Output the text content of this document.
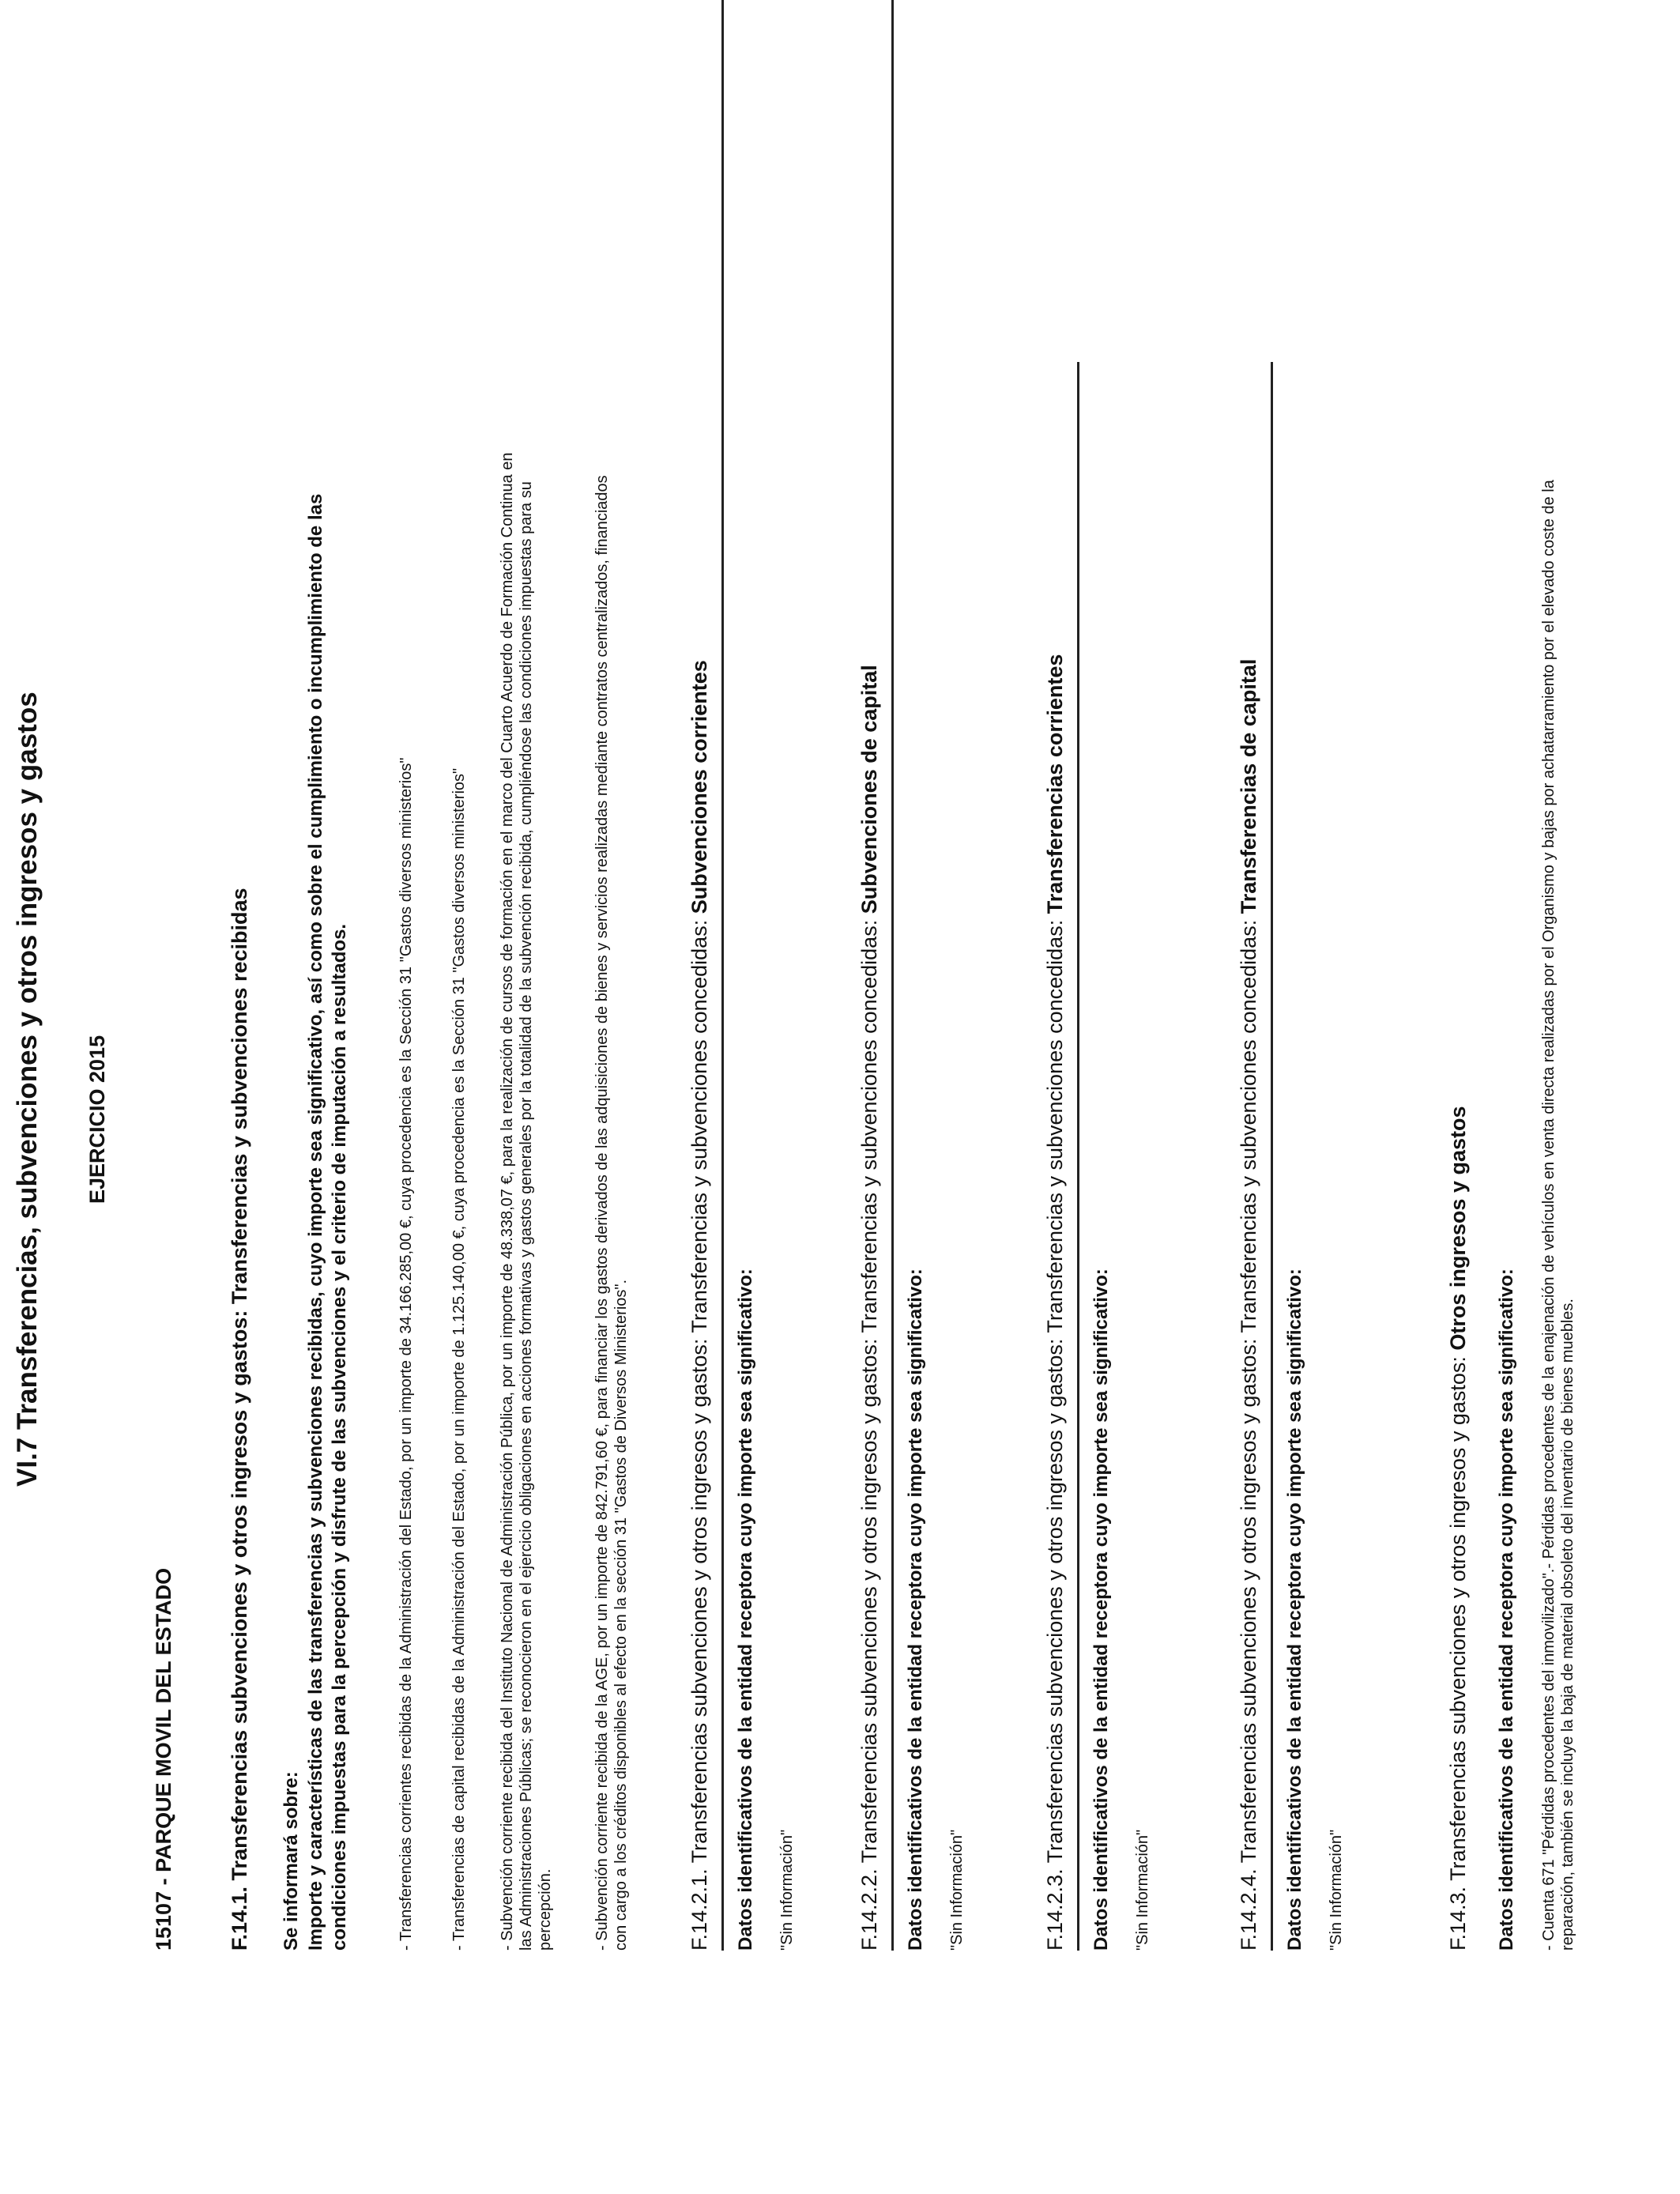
VI.7 Transferencias, subvenciones y otros ingresos y gastos EJERCICIO 2015
15107 - PARQUE MOVIL DEL ESTADO F.14.1. Transferencias subvenciones y otros ingresos y gastos: Transferencias y subvenciones recibidas Se informará sobre: Importe y características de las transferencias y subvenciones recibidas, cuyo importe sea significativo, así como sobre el cumplimiento o incumplimiento de las condiciones impuestas para la percepción y disfrute de las subvenciones y el criterio de imputación a resultados.	- Transferencias corrientes recibidas de la Administración del Estado, por un importe de 34.166.285,00 €, cuya procedencia es la Sección 31 "Gastos diversos ministerios" - Transferencias de capital recibidas de la Administración del Estado, por un importe de 1.125.140,00 €, cuya procedencia es la Sección 31 "Gastos diversos ministerios" - Subvención corriente recibida del Instituto Nacional de Administración Pública, por un importe de 48.338,07 €, para la realización de cursos de formación en el marco del Cuarto Acuerdo de Formación Continua en las Administraciones Públicas; se reconocieron en el ejercicio obligaciones en acciones formativas y gastos generales por la totalidad de la subvención recibida, cumpliéndose las condiciones impuestas para su percepción.	- Subvención corriente recibida de la AGE, por un importe de 842.791,60 €, para financiar los gastos derivados de las adquisiciones de bienes y servicios realizadas mediante contratos centralizados, financiados con cargo a los créditos disponibles al efecto en la sección 31 "Gastos de Diversos Ministerios".	F.14.2.1. Transferencias subvenciones y otros ingresos y gastos: Transferencias y subvenciones concedidas: Subvenciones corrientes
Datos identificativos de la entidad receptora cuyo importe sea significativo: "Sin Información"	F.14.2.2. Transferencias subvenciones y otros ingresos y gastos: Transferencias y subvenciones concedidas: Subvenciones de capital
Datos identificativos de la entidad receptora cuyo importe sea significativo: "Sin Información"	F.14.2.3. Transferencias subvenciones y otros ingresos y gastos: Transferencias y subvenciones concedidas: Transferencias corrientes
Datos identificativos de la entidad receptora cuyo importe sea significativo: "Sin Información"	F.14.2.4. Transferencias subvenciones y otros ingresos y gastos: Transferencias y subvenciones concedidas: Transferencias de capital
Datos identificativos de la entidad receptora cuyo importe sea significativo: "Sin Información"	F.14.3. Transferencias subvenciones y otros ingresos y gastos: Otros ingresos y gastos
Datos identificativos de la entidad receptora cuyo importe sea significativo: - Cuenta 671 "Pérdidas procedentes del inmovilizado".- Pérdidas procedentes de la enajenación de vehículos en venta directa realizadas por el Organismo y bajas por achatarramiento por el elevado coste de la reparación, también se incluye la baja de material obsoleto del inventario de bienes muebles.
